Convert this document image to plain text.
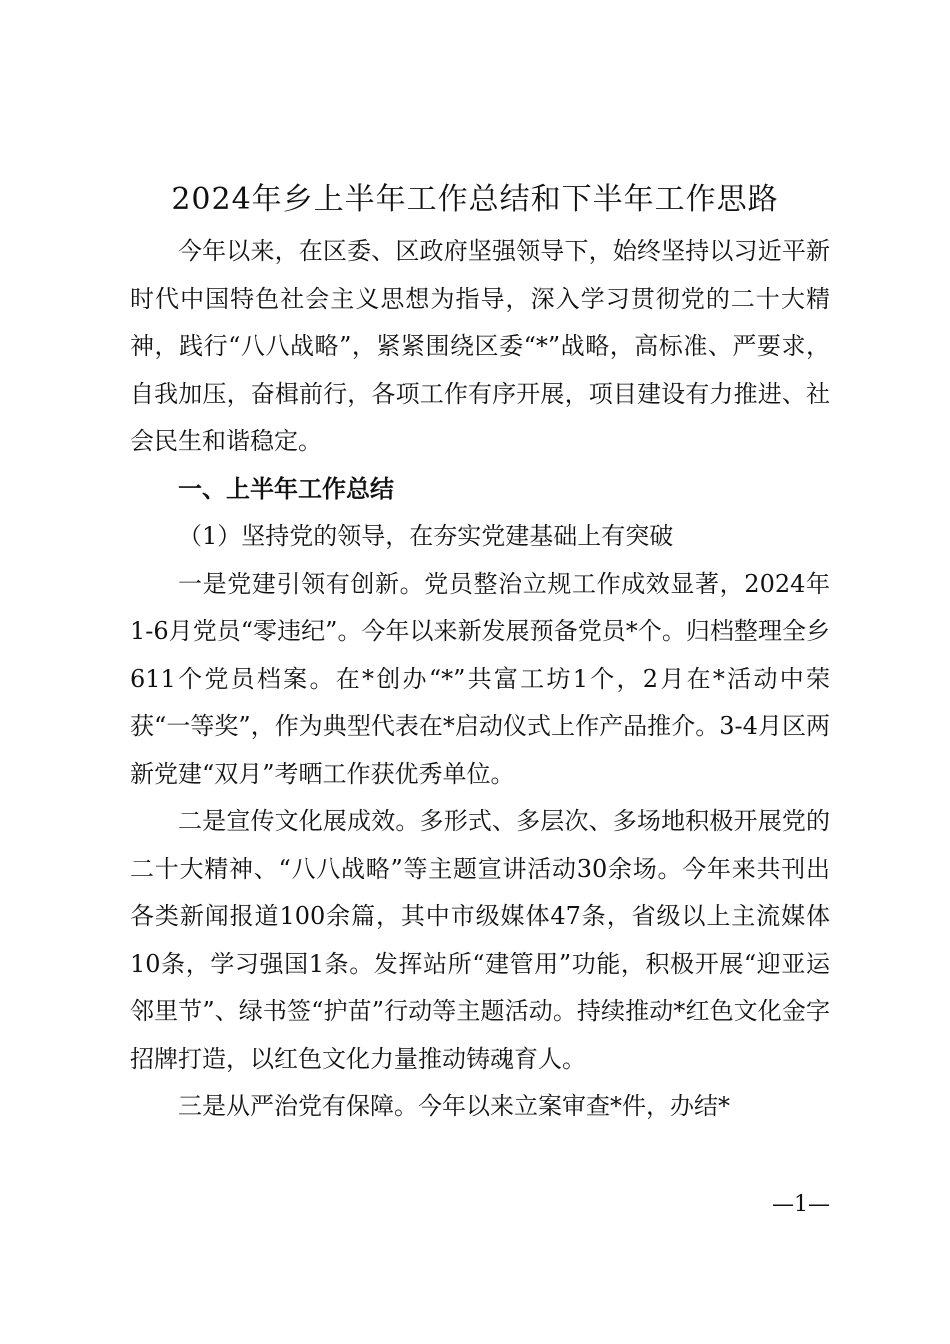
2024年乡上半年工作总结和下半年工作思路

今年以来，在区委、区政府坚强领导下，始终坚持以习近平新时代中国特色社会主义思想为指导，深入学习贯彻党的二十大精神，践行“八八战略”，紧紧围绕区委“*”战略，高标准、严要求，自我加压，奋楫前行，各项工作有序开展，项目建设有力推进、社会民生和谐稳定。

一、上半年工作总结

（1）坚持党的领导，在夯实党建基础上有突破

一是党建引领有创新。党员整治立规工作成效显著，2024年1-6月党员“零违纪”。今年以来新发展预备党员*个。归档整理全乡611个党员档案。在*创办“*”共富工坊1个，2月在*活动中荣获“一等奖”，作为典型代表在*启动仪式上作产品推介。3-4月区两新党建“双月”考晒工作获优秀单位。

二是宣传文化展成效。多形式、多层次、多场地积极开展党的二十大精神、“八八战略”等主题宣讲活动30余场。今年来共刊出各类新闻报道100余篇，其中市级媒体47条，省级以上主流媒体10条，学习强国1条。发挥站所“建管用”功能，积极开展“迎亚运邻里节”、绿书签“护苗”行动等主题活动。持续推动*红色文化金字招牌打造，以红色文化力量推动铸魂育人。

三是从严治党有保障。今年以来立案审查*件，办结*

—1—
